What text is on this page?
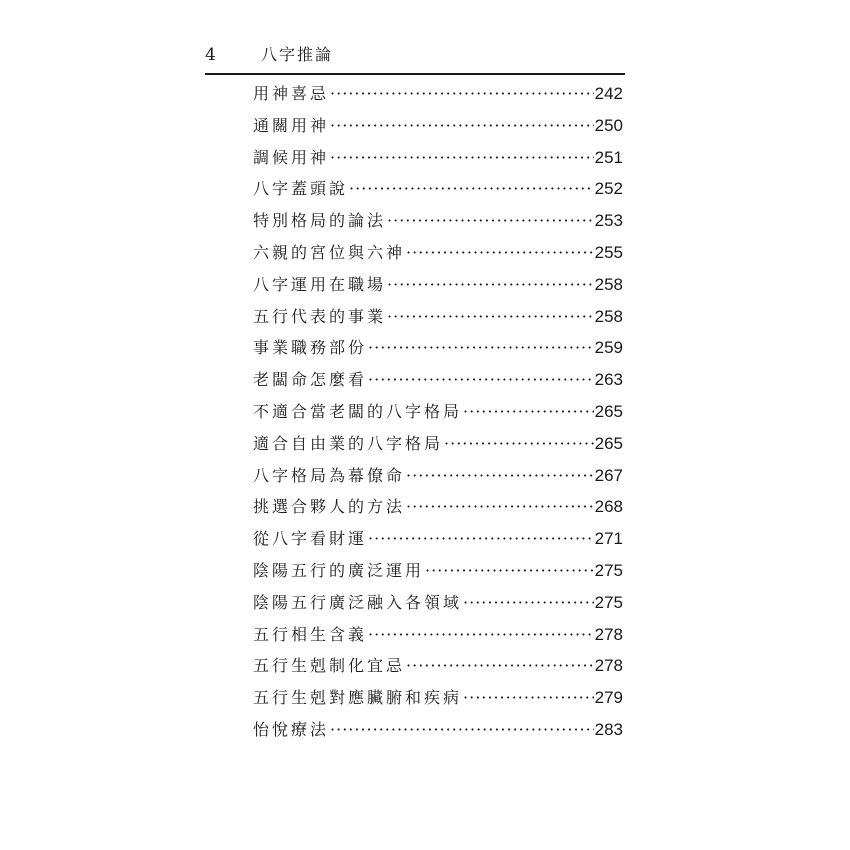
4	八字推論
用神喜忌 ·····	242
通關用神 ·····	250
調候用神 ·····	251
八字蓋頭說 ·····	252
特別格局的論法 ·····	253
六親的宮位與六神 ·····	255
八字運用在職場 ·····	258
五行代表的事業 ·····	258
事業職務部份 ·····	259
老闆命怎麼看 ·····	263
不適合當老闆的八字格局 ·····	265
適合自由業的八字格局 ·····	265
八字格局為幕僚命 ·····	267
挑選合夥人的方法 ·····	268
從八字看財運 ·····	271
陰陽五行的廣泛運用 ·····	275
陰陽五行廣泛融入各領域 ·····	275
五行相生含義 ·····	278
五行生剋制化宜忌 ·····	278
五行生剋對應臟腑和疾病 ·····	279
怡悅療法 ·····	283
